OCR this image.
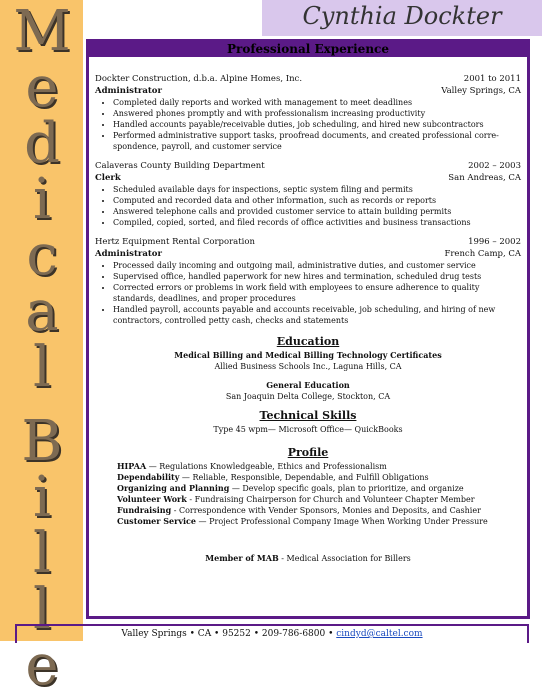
M
e
d
i
c
a
l
B
i
l
l
e
Cynthia Dockter
Professional Experience
Dockter Construction, d.b.a. Alpine Homes, Inc.	2001 to 2011
Administrator	Valley Springs, CA
• Completed daily reports and worked with management to meet deadlines
• Answered phones promptly and with professionalism increasing productivity
• Handled accounts payable/receivable duties, job scheduling, and hired new subcontractors
• Performed administrative support tasks, proofread documents, and created professional corre-spondence, payroll, and customer service
Calaveras County Building Department	2002 – 2003
Clerk	San Andreas, CA
• Scheduled available days for inspections, septic system filing and permits
• Computed and recorded data and other information, such as records or reports
• Answered telephone calls and provided customer service to attain building permits
• Compiled, copied, sorted, and filed records of office activities and business transactions
Hertz Equipment Rental Corporation	1996 – 2002
Administrator	French Camp, CA
• Processed daily incoming and outgoing mail, administrative duties, and customer service
• Supervised office, handled paperwork for new hires and termination, scheduled drug tests
• Corrected errors or problems in work field with employees to ensure adherence to quality standards, deadlines, and proper procedures
• Handled payroll, accounts payable and accounts receivable, job scheduling, and hiring of new contractors, controlled petty cash, checks and statements
Education
Medical Billing and Medical Billing Technology Certificates
Allied Business Schools Inc., Laguna Hills, CA
General Education
San Joaquin Delta College, Stockton, CA
Technical Skills
Type 45 wpm— Microsoft Office— QuickBooks
Profile
HIPAA — Regulations Knowledgeable, Ethics and Professionalism
Dependability — Reliable, Responsible, Dependable, and Fulfill Obligations
Organizing and Planning — Develop specific goals, plan to prioritize, and organize
Volunteer Work - Fundraising Chairperson for Church and Volunteer Chapter Member
Fundraising - Correspondence with Vender Sponsors, Monies and Deposits, and Cashier
Customer Service — Project Professional Company Image When Working Under Pressure
Member of MAB - Medical Association for Billers
Valley Springs • CA • 95252 • 209-786-6800 • cindyd@caltel.com
